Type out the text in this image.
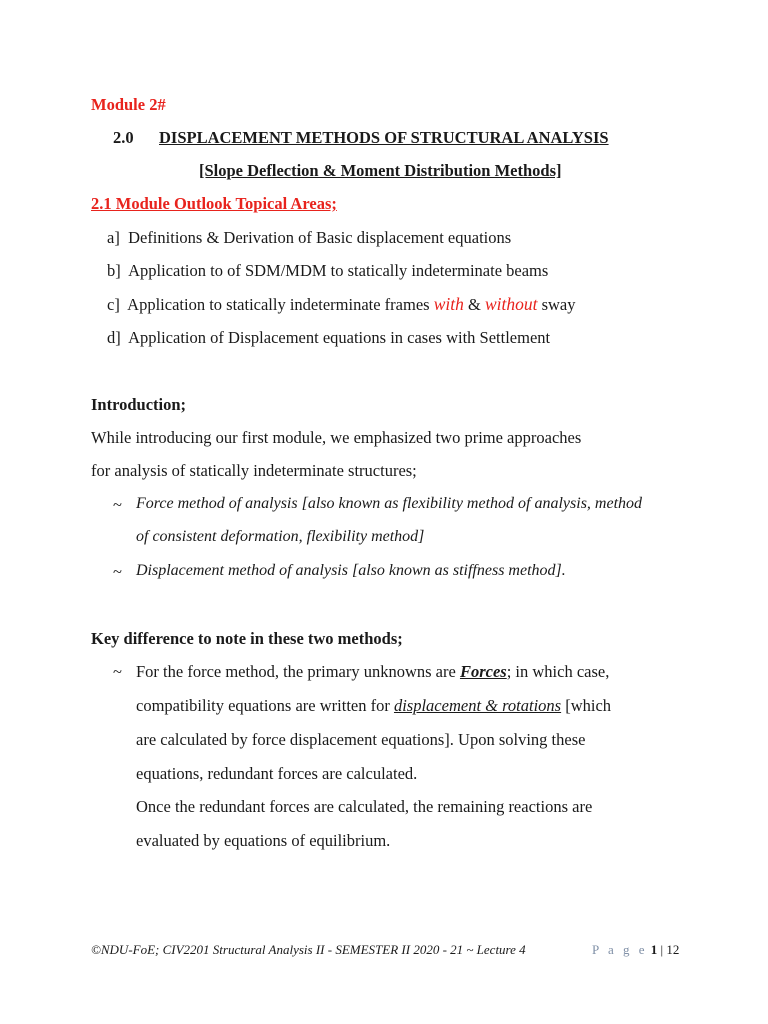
Module 2#
2.0 DISPLACEMENT METHODS OF STRUCTURAL ANALYSIS
[Slope Deflection & Moment Distribution Methods]
2.1 Module Outlook Topical Areas;
a] Definitions & Derivation of Basic displacement equations
b] Application to of SDM/MDM to statically indeterminate beams
c] Application to statically indeterminate frames with & without sway
d] Application of Displacement equations in cases with Settlement
Introduction;
While introducing our first module, we emphasized two prime approaches
for analysis of statically indeterminate structures;
~ Force method of analysis [also known as flexibility method of analysis, method
of consistent deformation, flexibility method]
~ Displacement method of analysis [also known as stiffness method].
Key difference to note in these two methods;
~ For the force method, the primary unknowns are Forces; in which case,
compatibility equations are written for displacement & rotations [which
are calculated by force displacement equations]. Upon solving these
equations, redundant forces are calculated.
Once the redundant forces are calculated, the remaining reactions are
evaluated by equations of equilibrium.
©NDU-FoE; CIV2201 Structural Analysis II - SEMESTER II 2020 - 21 ~ Lecture 4	P a g e 1 | 12
